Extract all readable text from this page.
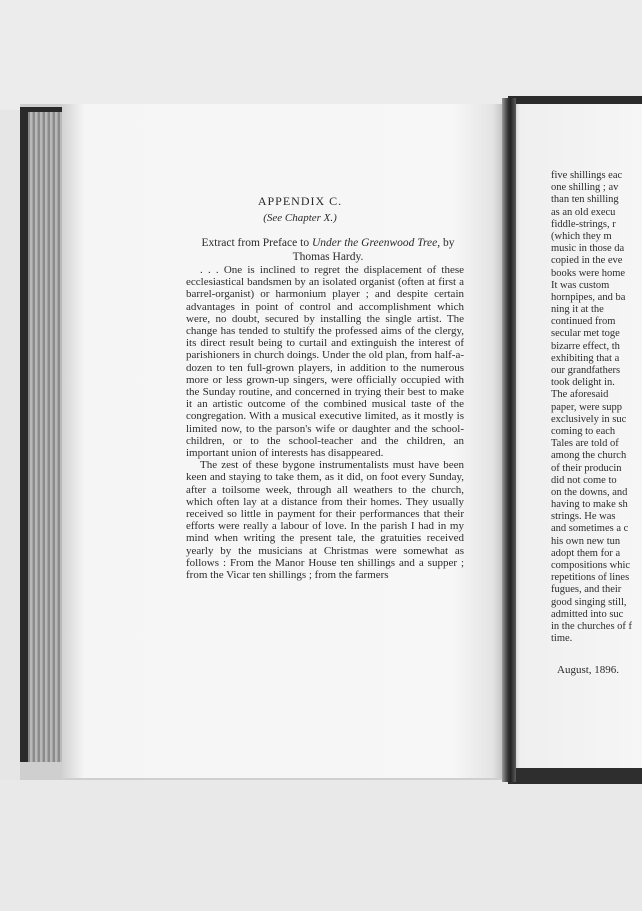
APPENDIX C.
(See Chapter X.)
Extract from Preface to Under the Greenwood Tree, by Thomas Hardy.

. . . One is inclined to regret the displacement of these ecclesiastical bandsmen by an isolated organist (often at first a barrel-organist) or harmonium player ; and despite certain advantages in point of control and accomplishment which were, no doubt, secured by installing the single artist. The change has tended to stultify the professed aims of the clergy, its direct result being to curtail and extinguish the interest of parishioners in church doings. Under the old plan, from half-a-dozen to ten full-grown players, in addition to the numerous more or less grown-up singers, were officially occupied with the Sunday routine, and concerned in trying their best to make it an artistic outcome of the combined musical taste of the congregation. With a musical executive limited, as it mostly is limited now, to the parson's wife or daughter and the school-children, or to the school-teacher and the children, an important union of interests has disappeared.

The zest of these bygone instrumentalists must have been keen and staying to take them, as it did, on foot every Sunday, after a toilsome week, through all weathers to the church, which often lay at a distance from their homes. They usually received so little in payment for their performances that their efforts were really a labour of love. In the parish I had in my mind when writing the present tale, the gratuities received yearly by the musicians at Christmas were somewhat as follows : From the Manor House ten shillings and a supper ; from the Vicar ten shillings ; from the farmers

five shillings eac
one shilling ; av
than ten shilling
as an old execu
fiddle-strings, r
(which they m
music in those da
copied in the eve
books were home
It was custom
hornpipes, and ba
ning it at the
continued from
secular met toge
bizarre effect, th
exhibiting that a
our grandfathers
took delight in.
The aforesaid
paper, were supp
exclusively in suc
coming to each
Tales are told of
among the church
of their producin
did not come to
on the downs, and
having to make sh
strings. He was
and sometimes a c
his own new tun
adopt them for a
compositions whic
repetitions of lines
fugues, and their
good singing still,
admitted into suc
in the churches of f
time.
August, 1896.
